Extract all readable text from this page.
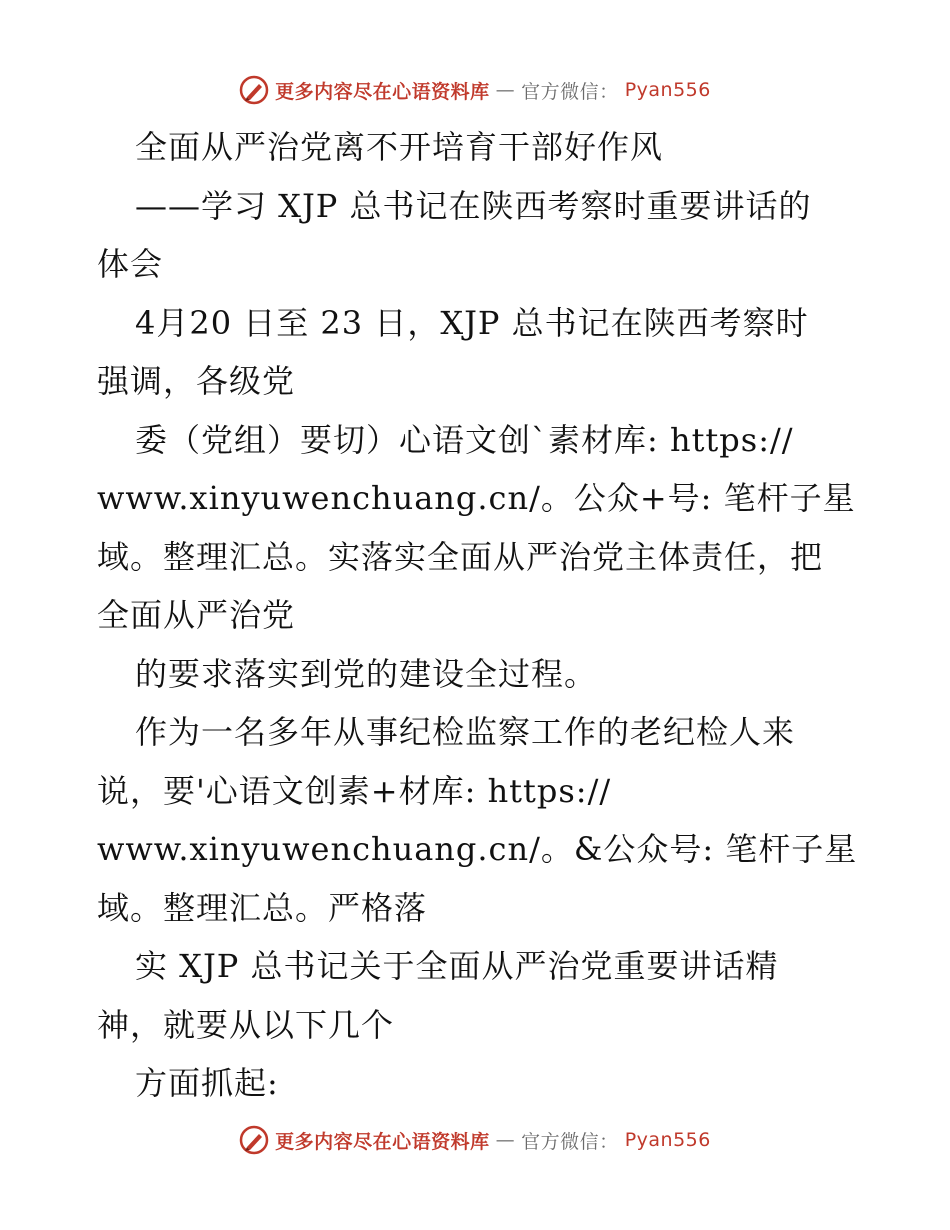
更多内容尽在心语资料库 — 官方微信： Pyan556
全面从严治党离不开培育干部好作风
——学习 XJP 总书记在陕西考察时重要讲话的
体会
4月20 日至 23 日，XJP 总书记在陕西考察时
强调，各级党
委（党组）要切）心语文创`素材库: https://
www.xinyuwenchuang.cn/。公众+号: 笔杆子星
域。整理汇总。实落实全面从严治党主体责任，把
全面从严治党
的要求落实到党的建设全过程。
作为一名多年从事纪检监察工作的老纪检人来
说，要'心语文创素+材库: https://
www.xinyuwenchuang.cn/。&公众号: 笔杆子星
域。整理汇总。严格落
实 XJP 总书记关于全面从严治党重要讲话精
神，就要从以下几个
方面抓起:
更多内容尽在心语资料库 — 官方微信： Pyan556
